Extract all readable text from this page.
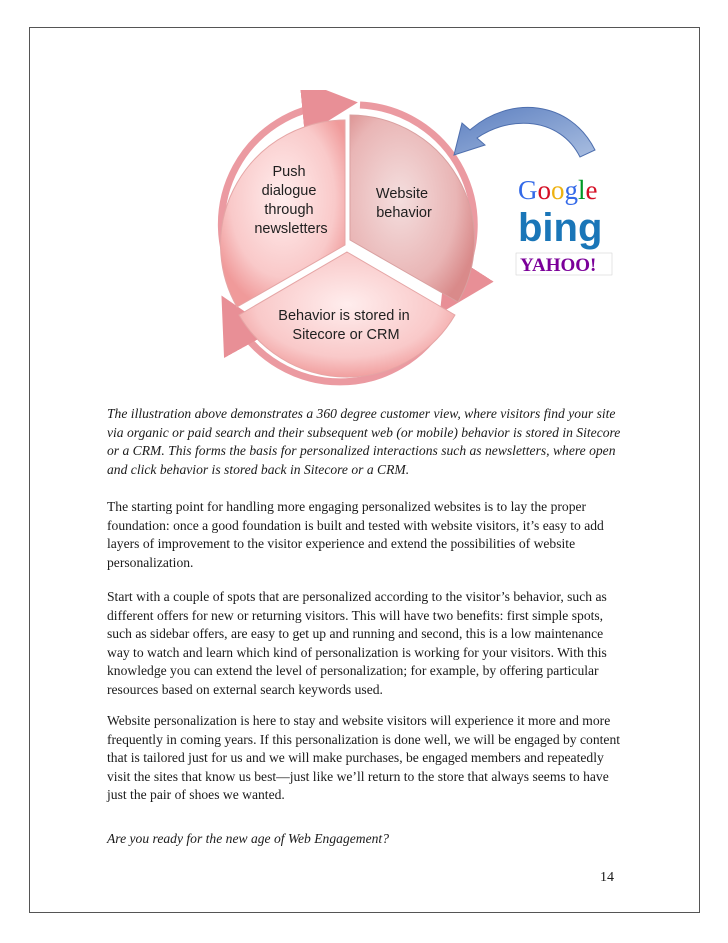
Push dialogue through newsletters
Website behavior
Behavior is stored in Sitecore or CRM
Google
bing
YAHOO!
The illustration above demonstrates a 360 degree customer view, where visitors find your site via organic or paid search and their subsequent web (or mobile) behavior is stored in Sitecore or a CRM. This forms the basis for personalized interactions such as newsletters, where open and click behavior is stored back in Sitecore or a CRM.
The starting point for handling more engaging personalized websites is to lay the proper foundation: once a good foundation is built and tested with website visitors, it’s easy to add layers of improvement to the visitor experience and extend the possibilities of website personalization.
Start with a couple of spots that are personalized according to the visitor’s behavior, such as different offers for new or returning visitors. This will have two benefits: first simple spots, such as sidebar offers, are easy to get up and running and second, this is a low maintenance way to watch and learn which kind of personalization is working for your visitors. With this knowledge you can extend the level of personalization; for example, by offering particular resources based on external search keywords used.
Website personalization is here to stay and website visitors will experience it more and more frequently in coming years. If this personalization is done well, we will be engaged by content that is tailored just for us and we will make purchases, be engaged members and repeatedly visit the sites that know us best—just like we’ll return to the store that always seems to have just the pair of shoes we wanted.
Are you ready for the new age of Web Engagement?
14
